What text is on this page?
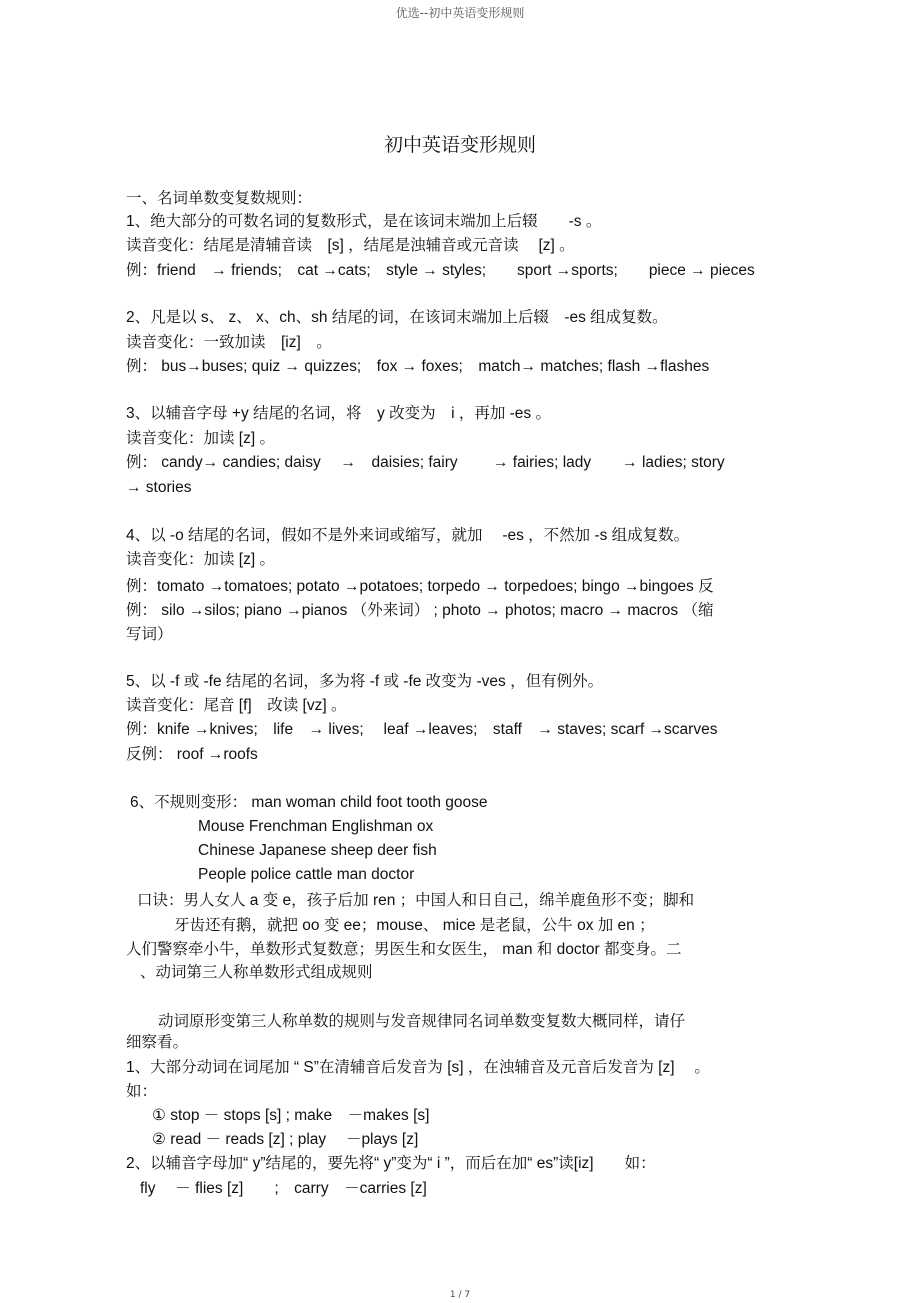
优选--初中英语变形规则
初中英语变形规则
一、名词单数变复数规则：
1、绝大部分的可数名词的复数形式，是在该词末端加上后辍　　-s 。
读音变化：结尾是清辅音读　[s] ，结尾是浊辅音或元音读　 [z] 。
例：friend　→ friends;　cat →cats;　style → styles;　　sport →sports;　　piece → pieces
2、凡是以 s、 z、 x、ch、sh 结尾的词，在该词末端加上后辍　-es 组成复数。
读音变化：一致加读　[iz]　。
例： bus→buses; quiz → quizzes;　fox → foxes;　match→ matches; flash →flashes
3、以辅音字母 +y 结尾的名词，将　y 改变为　i ，再加 -es 。
读音变化：加读 [z] 。
例： candy→ candies; daisy　 →　daisies; fairy　　 → fairies; lady　　→ ladies; story
→ stories
4、以 -o 结尾的名词，假如不是外来词或缩写，就加　 -es ，不然加 -s 组成复数。
读音变化：加读 [z] 。
例：tomato →tomatoes; potato →potatoes; torpedo → torpedoes; bingo →bingoes 反
例： silo →silos; piano →pianos （外来词） ; photo → photos; macro → macros （缩
写词）
5、以 -f 或 -fe 结尾的名词，多为将 -f 或 -fe 改变为 -ves ，但有例外。
读音变化：尾音 [f]　改读 [vz] 。
例：knife →knives;　life　→ lives;　 leaf →leaves;　staff　→ staves; scarf →scarves
反例： roof →roofs
6、不规则变形： man woman child foot tooth goose
Mouse Frenchman Englishman ox
Chinese Japanese sheep deer fish
People police cattle man doctor
口诀：男人女人 a 变 e，孩子后加 ren ；中国人和日自己，绵羊鹿鱼形不变；脚和
牙齿还有鹅，就把 oo 变 ee；mouse、 mice 是老鼠，公牛 ox 加 en ；
人们警察牵小牛，单数形式复数意；男医生和女医生， man 和 doctor 都变身。二
、动词第三人称单数形式组成规则
动词原形变第三人称单数的规则与发音规律同名词单数变复数大概同样，请仔
细察看。
1、大部分动词在词尾加 “ S”在清辅音后发音为 [s] ，在浊辅音及元音后发音为 [z]　 。
如：
① stop － stops [s] ; make　－makes [s]
② read － reads [z] ; play　 －plays [z]
2、以辅音字母加“ y”结尾的，要先将“ y”变为“ i ”，而后在加“ es”读[iz]　　如：
fly　 － flies [z]　　;　carry　－carries [z]
1 / 7
